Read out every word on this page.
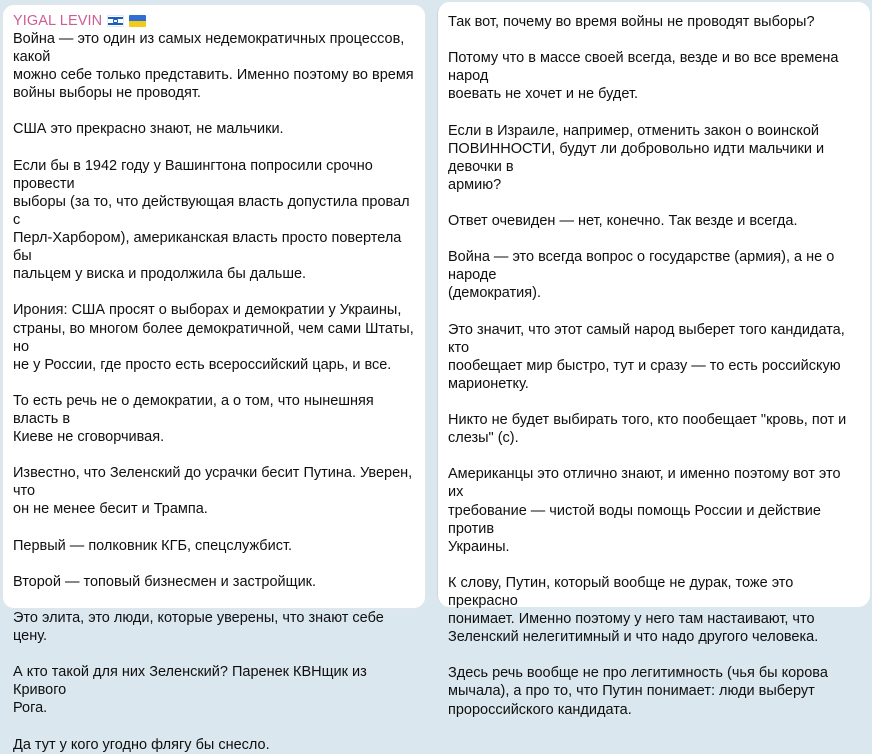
YIGAL LEVIN

Война — это один из самых недемократичных процессов, какой
можно себе только представить. Именно поэтому во время
войны выборы не проводят.

США это прекрасно знают, не мальчики.

Если бы в 1942 году у Вашингтона попросили срочно провести
выборы (за то, что действующая власть допустила провал с
Перл-Харбором), американская власть просто повертела бы
пальцем у виска и продолжила бы дальше.

Ирония: США просят о выборах и демократии у Украины,
страны, во многом более демократичной, чем сами Штаты, но
не у России, где просто есть всероссийский царь, и все.

То есть речь не о демократии, а о том, что нынешняя власть в
Киеве не сговорчивая.

Известно, что Зеленский до усрачки бесит Путина. Уверен, что
он не менее бесит и Трампа.

Первый — полковник КГБ, спецслужбист.

Второй — топовый бизнесмен и застройщик.

Это элита, это люди, которые уверены, что знают себе цену.

А кто такой для них Зеленский? Паренек КВНщик из Кривого
Рога.

Да тут у кого угодно флягу бы снесло.

Так вот, почему во время войны не проводят выборы?

Потому что в массе своей всегда, везде и во все времена народ
воевать не хочет и не будет.

Если в Израиле, например, отменить закон о воинской
ПОВИННОСТИ, будут ли добровольно идти мальчики и девочки в
армию?

Ответ очевиден — нет, конечно. Так везде и всегда.

Война — это всегда вопрос о государстве (армия), а не о народе
(демократия).

Это значит, что этот самый народ выберет того кандидата, кто
пообещает мир быстро, тут и сразу — то есть российскую
марионетку.

Никто не будет выбирать того, кто пообещает "кровь, пот и
слезы" (с).

Американцы это отлично знают, и именно поэтому вот это их
требование — чистой воды помощь России и действие против
Украины.

К слову, Путин, который вообще не дурак, тоже это прекрасно
понимает. Именно поэтому у него там настаивают, что
Зеленский нелегитимный и что надо другого человека.

Здесь речь вообще не про легитимность (чья бы корова
мычала), а про то, что Путин понимает: люди выберут
пророссийского кандидата.
